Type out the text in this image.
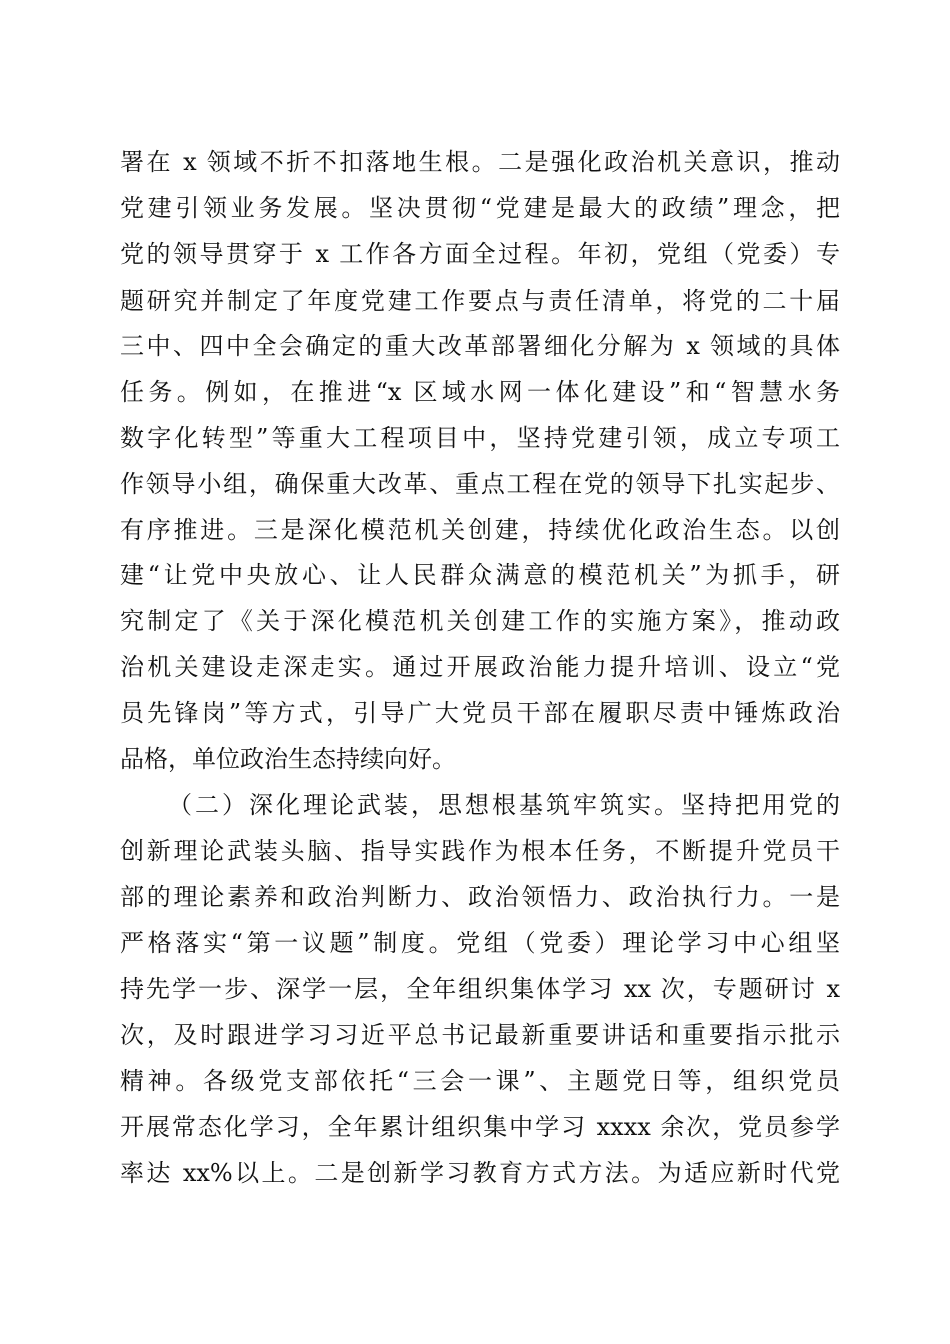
署在 x 领域不折不扣落地生根。二是强化政治机关意识，推动
党建引领业务发展。坚决贯彻“党建是最大的政绩”理念，把
党的领导贯穿于 x 工作各方面全过程。年初，党组（党委）专
题研究并制定了年度党建工作要点与责任清单，将党的二十届
三中、四中全会确定的重大改革部署细化分解为 x 领域的具体
任务。例如，在推进“x 区域水网一体化建设”和“智慧水务
数字化转型”等重大工程项目中，坚持党建引领，成立专项工
作领导小组，确保重大改革、重点工程在党的领导下扎实起步、
有序推进。三是深化模范机关创建，持续优化政治生态。以创
建“让党中央放心、让人民群众满意的模范机关”为抓手，研
究制定了《关于深化模范机关创建工作的实施方案》，推动政
治机关建设走深走实。通过开展政治能力提升培训、设立“党
员先锋岗”等方式，引导广大党员干部在履职尽责中锤炼政治
品格，单位政治生态持续向好。
（二）深化理论武装，思想根基筑牢筑实。坚持把用党的
创新理论武装头脑、指导实践作为根本任务，不断提升党员干
部的理论素养和政治判断力、政治领悟力、政治执行力。一是
严格落实“第一议题”制度。党组（党委）理论学习中心组坚
持先学一步、深学一层，全年组织集体学习 xx 次，专题研讨 x
次，及时跟进学习习近平总书记最新重要讲话和重要指示批示
精神。各级党支部依托“三会一课”、主题党日等，组织党员
开展常态化学习，全年累计组织集中学习 xxxx 余次，党员参学
率达 xx%以上。二是创新学习教育方式方法。为适应新时代党
